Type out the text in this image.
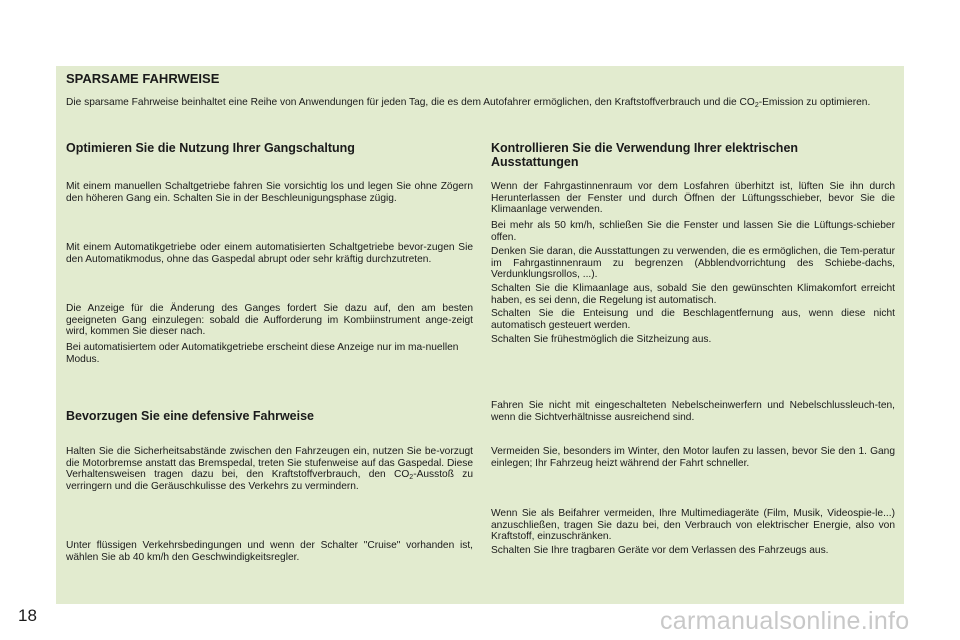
SPARSAME FAHRWEISE

Die sparsame Fahrweise beinhaltet eine Reihe von Anwendungen für jeden Tag, die es dem Autofahrer ermöglichen, den Kraftstoffverbrauch und die $CO_2$-Emission zu optimieren.

Optimieren Sie die Nutzung Ihrer Gangschaltung

Mit einem manuellen Schaltgetriebe fahren Sie vorsichtig los und legen Sie ohne Zögern den höheren Gang ein. Schalten Sie in der Beschleunigungsphase zügig.

Mit einem Automatikgetriebe oder einem automatisierten Schaltgetriebe bevor-zugen Sie den Automatikmodus, ohne das Gaspedal abrupt oder sehr kräftig durchzutreten.

Die Anzeige für die Änderung des Ganges fordert Sie dazu auf, den am besten geeigneten Gang einzulegen: sobald die Aufforderung im Kombiinstrument ange-zeigt wird, kommen Sie dieser nach.

Bei automatisiertem oder Automatikgetriebe erscheint diese Anzeige nur im ma-nuellen Modus.

Bevorzugen Sie eine defensive Fahrweise

Halten Sie die Sicherheitsabstände zwischen den Fahrzeugen ein, nutzen Sie be-vorzugt die Motorbremse anstatt das Bremspedal, treten Sie stufenweise auf das Gaspedal. Diese Verhaltensweisen tragen dazu bei, den Kraftstoffverbrauch, den $CO_2$-Ausstoß zu verringern und die Geräuschkulisse des Verkehrs zu vermindern.

Unter flüssigen Verkehrsbedingungen und wenn der Schalter "Cruise" vorhanden ist, wählen Sie ab 40 km/h den Geschwindigkeitsregler.

Kontrollieren Sie die Verwendung Ihrer elektrischen Ausstattungen

Wenn der Fahrgastinnenraum vor dem Losfahren überhitzt ist, lüften Sie ihn durch Herunterlassen der Fenster und durch Öffnen der Lüftungsschieber, bevor Sie die Klimaanlage verwenden.

Bei mehr als 50 km/h, schließen Sie die Fenster und lassen Sie die Lüftungs-schieber offen.

Denken Sie daran, die Ausstattungen zu verwenden, die es ermöglichen, die Tem-peratur im Fahrgastinnenraum zu begrenzen (Abblendvorrichtung des Schiebe-dachs, Verdunklungsrollos, ...).

Schalten Sie die Klimaanlage aus, sobald Sie den gewünschten Klimakomfort erreicht haben, es sei denn, die Regelung ist automatisch.

Schalten Sie die Enteisung und die Beschlagentfernung aus, wenn diese nicht automatisch gesteuert werden.

Schalten Sie frühestmöglich die Sitzheizung aus.

Fahren Sie nicht mit eingeschalteten Nebelscheinwerfern und Nebelschlussleuch-ten, wenn die Sichtverhältnisse ausreichend sind.

Vermeiden Sie, besonders im Winter, den Motor laufen zu lassen, bevor Sie den 1. Gang einlegen; Ihr Fahrzeug heizt während der Fahrt schneller.

Wenn Sie als Beifahrer vermeiden, Ihre Multimediageräte (Film, Musik, Videospie-le...) anzuschließen, tragen Sie dazu bei, den Verbrauch von elektrischer Energie, also von Kraftstoff, einzuschränken.

Schalten Sie Ihre tragbaren Geräte vor dem Verlassen des Fahrzeugs aus.

18	carmanualsonline.info
